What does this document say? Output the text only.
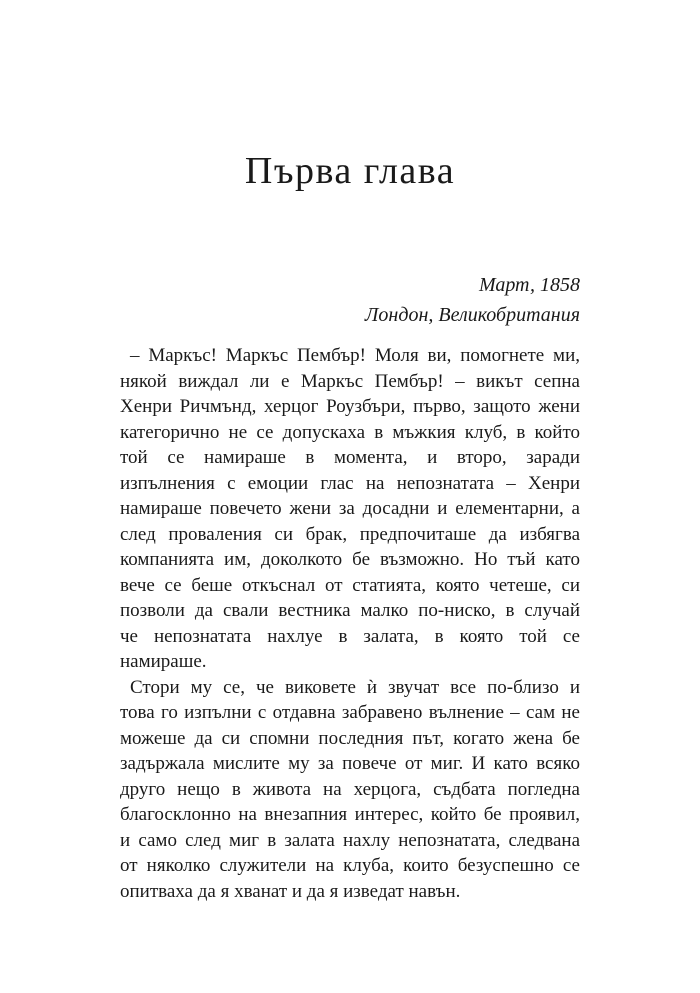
Първа глава
Март, 1858
Лондон, Великобритания
– Маркъс! Маркъс Пембър! Моля ви, помогнете ми,
някой виждал ли е Маркъс Пембър! – викът сепна
Хенри Ричмънд, херцог Роузбъри, първо, защото жени
категорично не се допускаха в мъжкия клуб, в който
той се намираше в момента, и второ, заради
изпълнения с емоции глас на непознатата – Хенри
намираше повечето жени за досадни и елементарни, а
след проваления си брак, предпочиташе да избягва
компанията им, доколкото бе възможно. Но тъй като
вече се беше откъснал от статията, която четеше, си
позволи да свали вестника малко по-ниско, в случай
че непознатата нахлуе в залата, в която той се
намираше.
Стори му се, че виковете ѝ звучат все по-близо и
това го изпълни с отдавна забравено вълнение – сам не
можеше да си спомни последния път, когато жена бе
задържала мислите му за повече от миг. И като всяко
друго нещо в живота на херцога, съдбата погледна
благосклонно на внезапния интерес, който бе проявил,
и само след миг в залата нахлу непознатата, следвана
от няколко служители на клуба, които безуспешно се
опитваха да я хванат и да я изведат навън.
